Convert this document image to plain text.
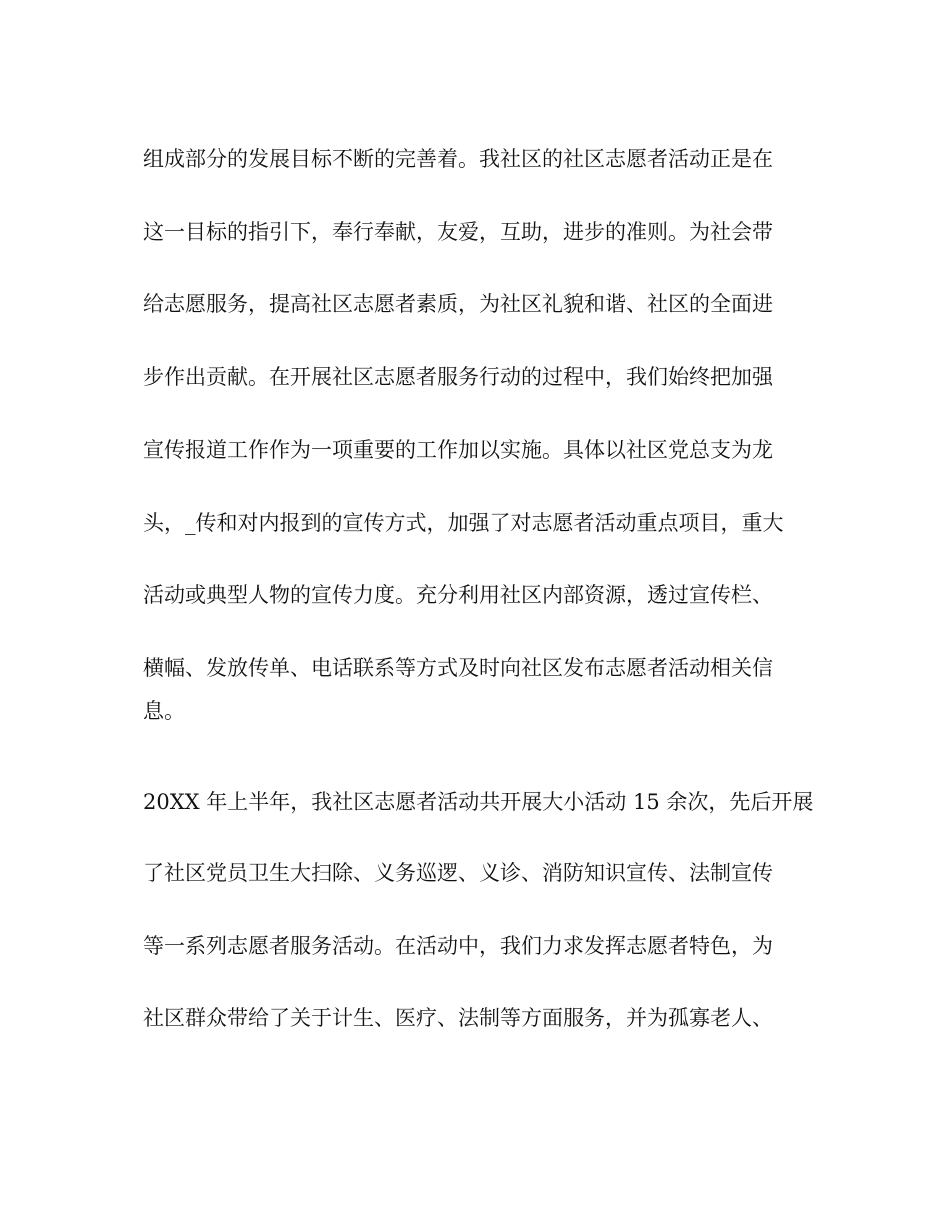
组成部分的发展目标不断的完善着。我社区的社区志愿者活动正是在
这一目标的指引下，奉行奉献，友爱，互助，进步的准则。为社会带
给志愿服务，提高社区志愿者素质，为社区礼貌和谐、社区的全面进
步作出贡献。在开展社区志愿者服务行动的过程中，我们始终把加强
宣传报道工作作为一项重要的工作加以实施。具体以社区党总支为龙
头，_传和对内报到的宣传方式，加强了对志愿者活动重点项目，重大
活动或典型人物的宣传力度。充分利用社区内部资源，透过宣传栏、
横幅、发放传单、电话联系等方式及时向社区发布志愿者活动相关信
息。
20XX 年上半年，我社区志愿者活动共开展大小活动 15 余次，先后开展
了社区党员卫生大扫除、义务巡逻、义诊、消防知识宣传、法制宣传
等一系列志愿者服务活动。在活动中，我们力求发挥志愿者特色，为
社区群众带给了关于计生、医疗、法制等方面服务，并为孤寡老人、
